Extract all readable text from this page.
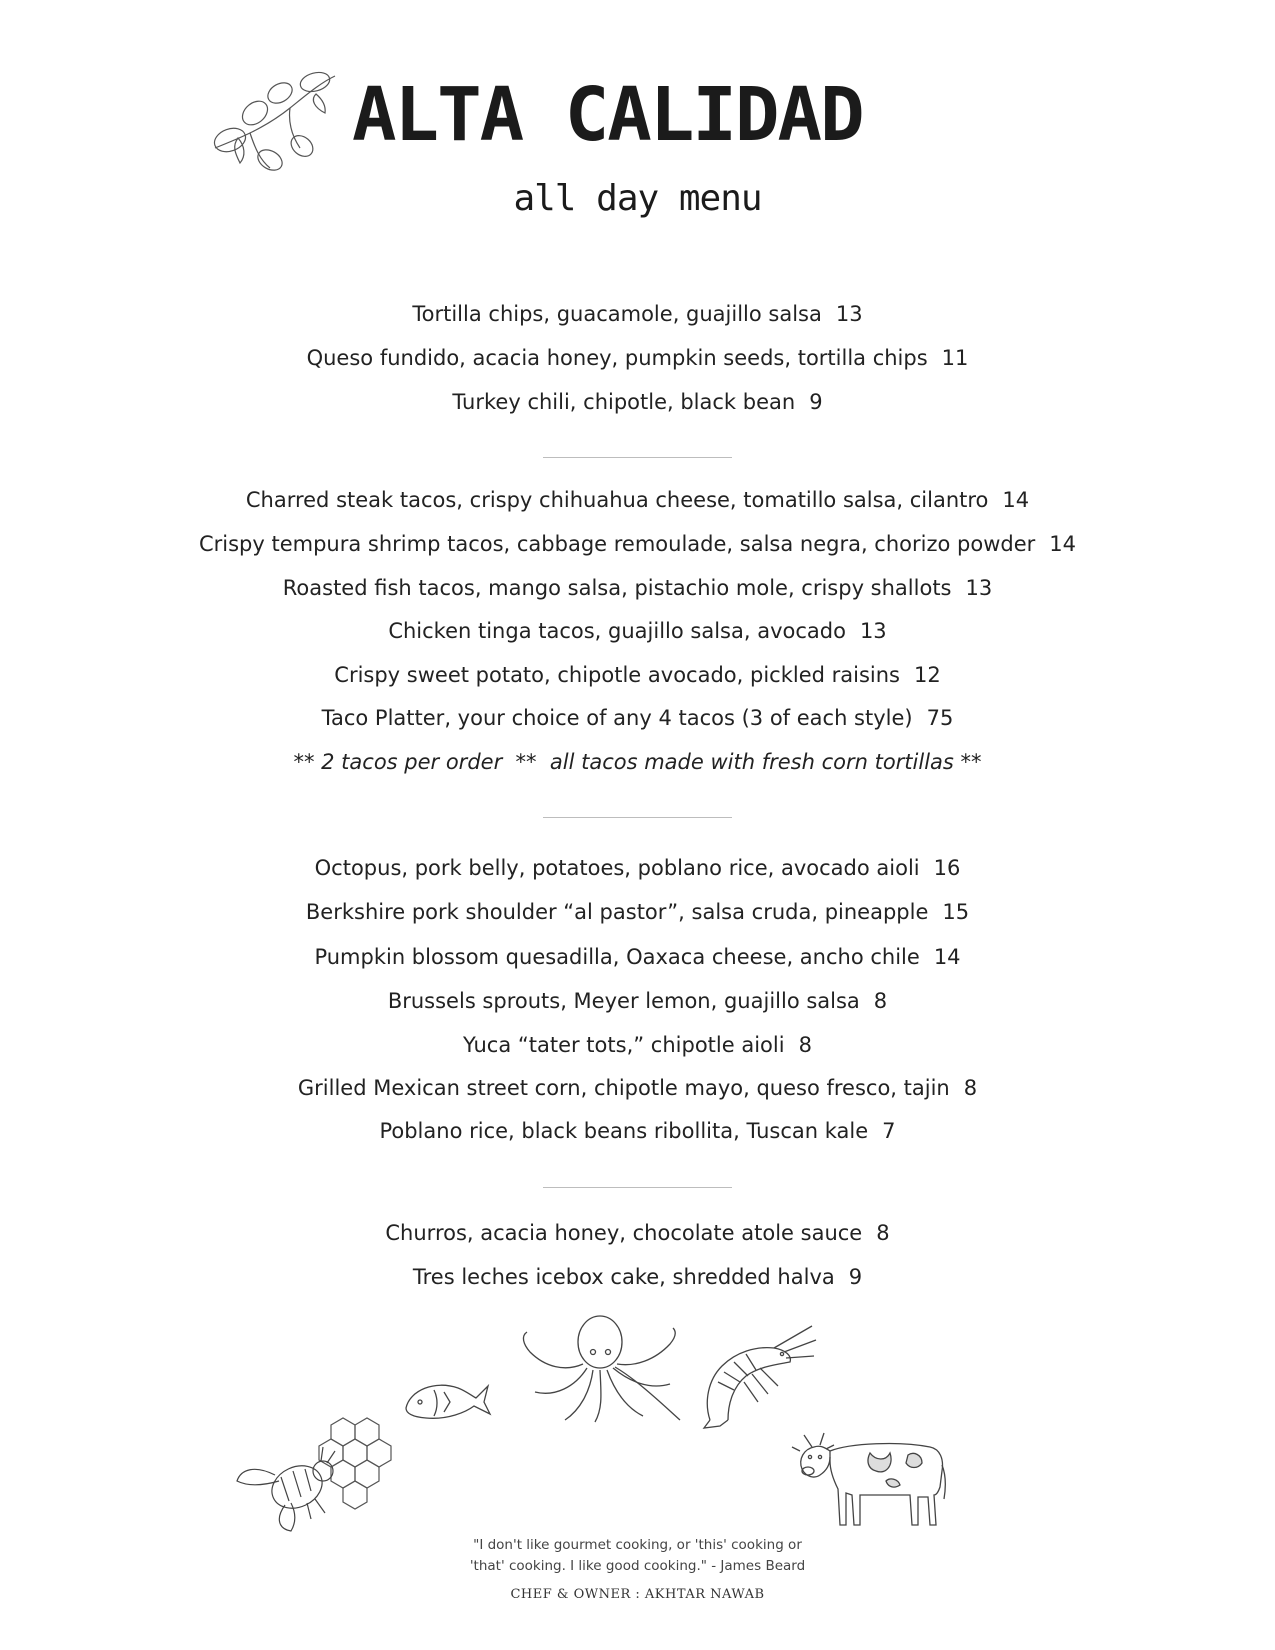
ALTA CALIDAD
all day menu
Tortilla chips, guacamole, guajillo salsa 13
Queso fundido, acacia honey, pumpkin seeds, tortilla chips 11
Turkey chili, chipotle, black bean 9
Charred steak tacos, crispy chihuahua cheese, tomatillo salsa, cilantro 14
Crispy tempura shrimp tacos, cabbage remoulade, salsa negra, chorizo powder 14
Roasted fish tacos, mango salsa, pistachio mole, crispy shallots 13
Chicken tinga tacos, guajillo salsa, avocado 13
Crispy sweet potato, chipotle avocado, pickled raisins 12
Taco Platter, your choice of any 4 tacos (3 of each style) 75
** 2 tacos per order  **  all tacos made with fresh corn tortillas **
Octopus, pork belly, potatoes, poblano rice, avocado aioli 16
Berkshire pork shoulder “al pastor”, salsa cruda, pineapple 15
Pumpkin blossom quesadilla, Oaxaca cheese, ancho chile 14
Brussels sprouts, Meyer lemon, guajillo salsa 8
Yuca “tater tots,” chipotle aioli 8
Grilled Mexican street corn, chipotle mayo, queso fresco, tajin 8
Poblano rice, black beans ribollita, Tuscan kale 7
Churros, acacia honey, chocolate atole sauce 8
Tres leches icebox cake, shredded halva 9
"I don't like gourmet cooking, or 'this' cooking or
'that' cooking. I like good cooking." - James Beard
CHEF & OWNER : AKHTAR NAWAB
